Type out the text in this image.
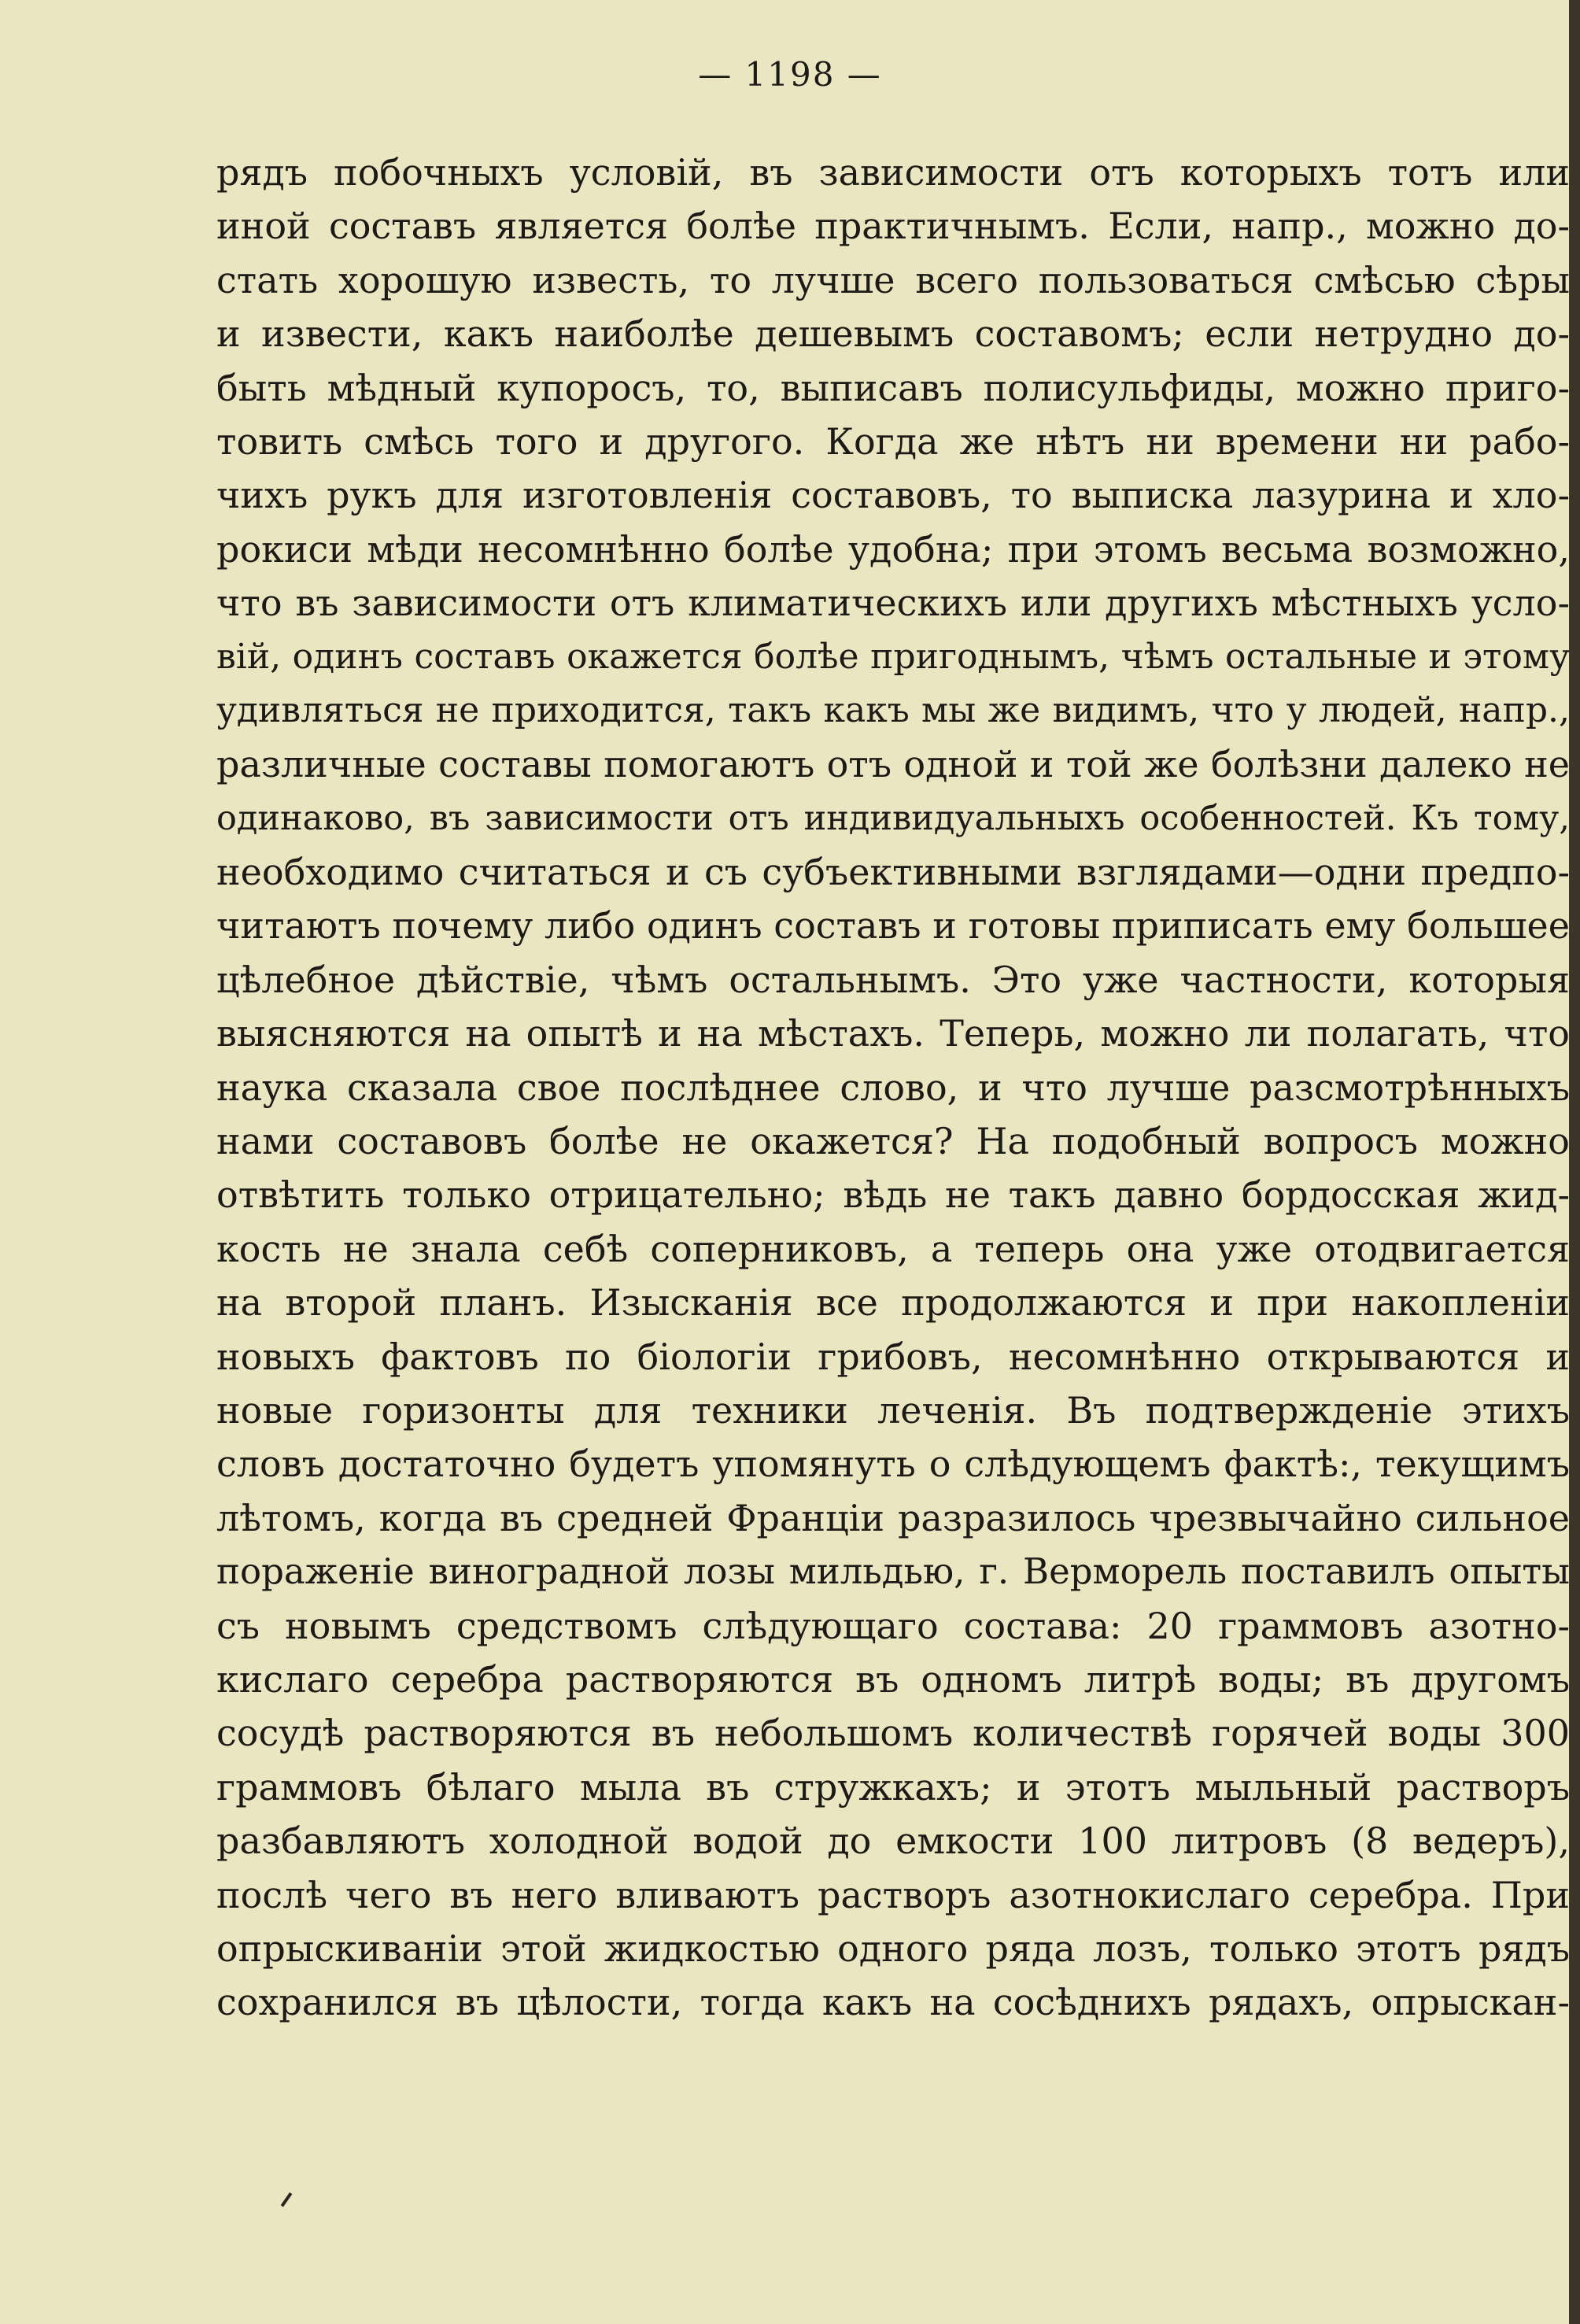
— 1198 —
рядъ побочныхъ условій, въ зависимости отъ которыхъ тотъ или
иной составъ является болѣе практичнымъ. Если, напр., можно до-
стать хорошую известь, то лучше всего пользоваться смѣсью сѣры
и извести, какъ наиболѣе дешевымъ составомъ; если нетрудно до-
быть мѣдный купоросъ, то, выписавъ полисульфиды, можно приго-
товить смѣсь того и другого. Когда же нѣтъ ни времени ни рабо-
чихъ рукъ для изготовленія составовъ, то выписка лазурина и хло-
рокиси мѣди несомнѣнно болѣе удобна; при этомъ весьма возможно,
что въ зависимости отъ климатическихъ или другихъ мѣстныхъ усло-
вій, одинъ составъ окажется болѣе пригоднымъ, чѣмъ остальные и этому
удивляться не приходится, такъ какъ мы же видимъ, что у людей, напр.,
различные составы помогаютъ отъ одной и той же болѣзни далеко не
одинаково, въ зависимости отъ индивидуальныхъ особенностей. Къ тому,
необходимо считаться и съ субъективными взглядами—одни предпо-
читаютъ почему либо одинъ составъ и готовы приписать ему большее
цѣлебное дѣйствіе, чѣмъ остальнымъ. Это уже частности, которыя
выясняются на опытѣ и на мѣстахъ. Теперь, можно ли полагать, что
наука сказала свое послѣднее слово, и что лучше разсмотрѣнныхъ
нами составовъ болѣе не окажется? На подобный вопросъ можно
отвѣтить только отрицательно; вѣдь не такъ давно бордосская жид-
кость не знала себѣ соперниковъ, а теперь она уже отодвигается
на второй планъ. Изысканія все продолжаются и при накопленіи
новыхъ фактовъ по біологіи грибовъ, несомнѣнно открываются и
новые горизонты для техники леченія. Въ подтвержденіе этихъ
словъ достаточно будетъ упомянуть о слѣдующемъ фактѣ:, текущимъ
лѣтомъ, когда въ средней Франціи разразилось чрезвычайно сильное
пораженіе виноградной лозы мильдью, г. Верморель поставилъ опыты
съ новымъ средствомъ слѣдующаго состава: 20 граммовъ азотно-
кислаго серебра растворяются въ одномъ литрѣ воды; въ другомъ
сосудѣ растворяются въ небольшомъ количествѣ горячей воды 300
граммовъ бѣлаго мыла въ стружкахъ; и этотъ мыльный растворъ
разбавляютъ холодной водой до емкости 100 литровъ (8 ведеръ),
послѣ чего въ него вливаютъ растворъ азотнокислаго серебра. При
опрыскиваніи этой жидкостью одного ряда лозъ, только этотъ рядъ
сохранился въ цѣлости, тогда какъ на сосѣднихъ рядахъ, опрыскан-
